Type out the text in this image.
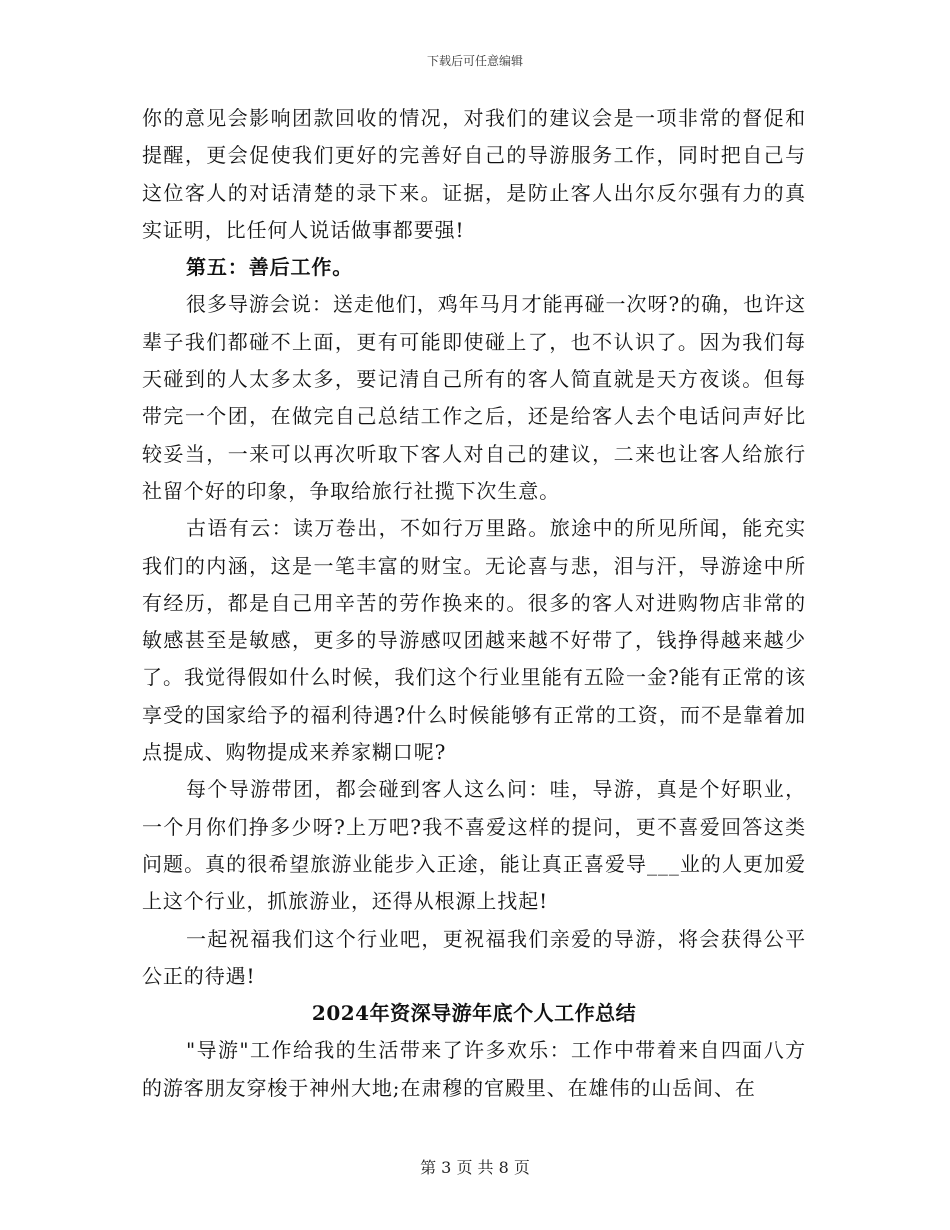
下载后可任意编辑

你的意见会影响团款回收的情况，对我们的建议会是一项非常的督促和提醒，更会促使我们更好的完善好自己的导游服务工作，同时把自己与这位客人的对话清楚的录下来。证据，是防止客人出尔反尔强有力的真实证明，比任何人说话做事都要强!

第五：善后工作。

很多导游会说：送走他们，鸡年马月才能再碰一次呀?的确，也许这辈子我们都碰不上面，更有可能即使碰上了，也不认识了。因为我们每天碰到的人太多太多，要记清自己所有的客人简直就是天方夜谈。但每带完一个团，在做完自己总结工作之后，还是给客人去个电话问声好比较妥当，一来可以再次听取下客人对自己的建议，二来也让客人给旅行社留个好的印象，争取给旅行社揽下次生意。

古语有云：读万卷出，不如行万里路。旅途中的所见所闻，能充实我们的内涵，这是一笔丰富的财宝。无论喜与悲，泪与汗，导游途中所有经历，都是自己用辛苦的劳作换来的。很多的客人对进购物店非常的敏感甚至是敏感，更多的导游感叹团越来越不好带了，钱挣得越来越少了。我觉得假如什么时候，我们这个行业里能有五险一金?能有正常的该享受的国家给予的福利待遇?什么时候能够有正常的工资，而不是靠着加点提成、购物提成来养家糊口呢?

每个导游带团，都会碰到客人这么问：哇，导游，真是个好职业，一个月你们挣多少呀?上万吧?我不喜爱这样的提问，更不喜爱回答这类问题。真的很希望旅游业能步入正途，能让真正喜爱导___业的人更加爱上这个行业，抓旅游业，还得从根源上找起!

一起祝福我们这个行业吧，更祝福我们亲爱的导游，将会获得公平公正的待遇!

2024年资深导游年底个人工作总结

"导游"工作给我的生活带来了许多欢乐：工作中带着来自四面八方的游客朋友穿梭于神州大地;在肃穆的官殿里、在雄伟的山岳间、在

第 3 页 共 8 页
